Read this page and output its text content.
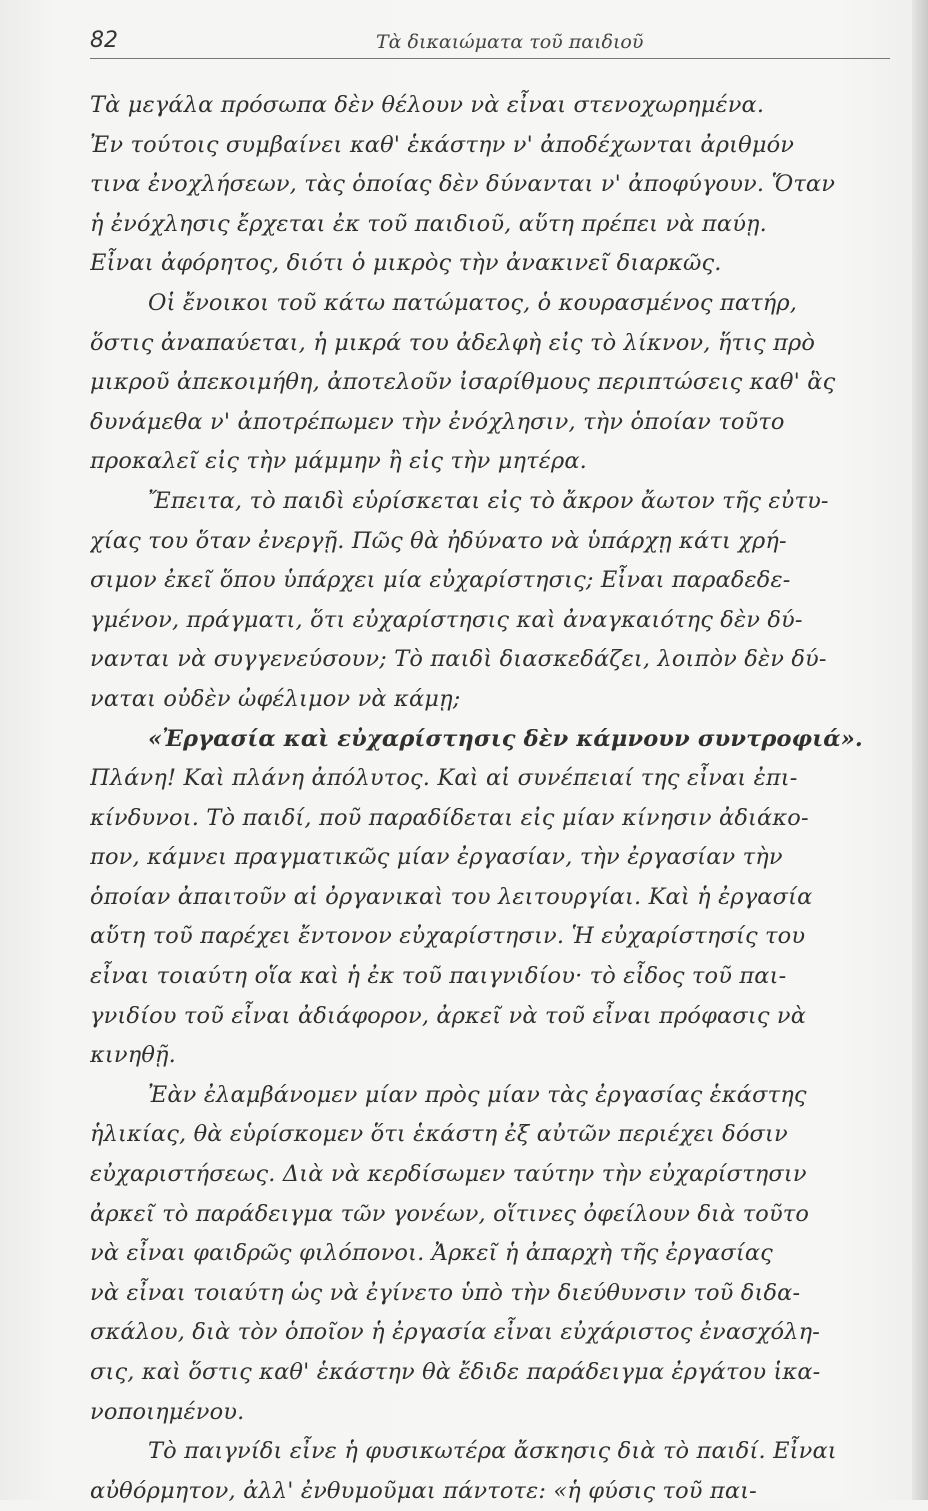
82	Τὰ δικαιώματα τοῦ παιδιοῦ
Τὰ μεγάλα πρόσωπα δὲν θέλουν νὰ εἶναι στενοχωρημένα.
Ἐν τούτοις συμβαίνει καθ' ἑκάστην ν' ἀποδέχωνται ἀριθμόν
τινα ἐνοχλήσεων, τὰς ὁποίας δὲν δύνανται ν' ἀποφύγουν. Ὅταν
ἡ ἐνόχλησις ἔρχεται ἐκ τοῦ παιδιοῦ, αὕτη πρέπει νὰ παύῃ.
Εἶναι ἀφόρητος, διότι ὁ μικρὸς τὴν ἀνακινεῖ διαρκῶς.
Οἱ ἔνοικοι τοῦ κάτω πατώματος, ὁ κουρασμένος πατήρ,
ὅστις ἀναπαύεται, ἡ μικρά του ἀδελφὴ εἰς τὸ λίκνον, ἥτις πρὸ
μικροῦ ἀπεκοιμήθη, ἀποτελοῦν ἰσαρίθμους περιπτώσεις καθ' ἃς
δυνάμεθα ν' ἀποτρέπωμεν τὴν ἐνόχλησιν, τὴν ὁποίαν τοῦτο
προκαλεῖ εἰς τὴν μάμμην ἢ εἰς τὴν μητέρα.
Ἔπειτα, τὸ παιδὶ εὑρίσκεται εἰς τὸ ἄκρον ἄωτον τῆς εὐτυ-
χίας του ὅταν ἐνεργῇ. Πῶς θὰ ἠδύνατο νὰ ὑπάρχῃ κάτι χρή-
σιμον ἐκεῖ ὅπου ὑπάρχει μία εὐχαρίστησις; Εἶναι παραδεδε-
γμένον, πράγματι, ὅτι εὐχαρίστησις καὶ ἀναγκαιότης δὲν δύ-
νανται νὰ συγγενεύσουν; Τὸ παιδὶ διασκεδάζει, λοιπὸν δὲν δύ-
ναται οὐδὲν ὠφέλιμον νὰ κάμῃ;
«Ἐργασία καὶ εὐχαρίστησις δὲν κάμνουν συντροφιά».
Πλάνη! Καὶ πλάνη ἀπόλυτος. Καὶ αἱ συνέπειαί της εἶναι ἐπι-
κίνδυνοι. Τὸ παιδί, ποῦ παραδίδεται εἰς μίαν κίνησιν ἀδιάκο-
πον, κάμνει πραγματικῶς μίαν ἐργασίαν, τὴν ἐργασίαν τὴν
ὁποίαν ἀπαιτοῦν αἱ ὀργανικαὶ του λειτουργίαι. Καὶ ἡ ἐργασία
αὕτη τοῦ παρέχει ἔντονον εὐχαρίστησιν. Ἡ εὐχαρίστησίς του
εἶναι τοιαύτη οἵα καὶ ἡ ἐκ τοῦ παιγνιδίου· τὸ εἶδος τοῦ παι-
γνιδίου τοῦ εἶναι ἀδιάφορον, ἀρκεῖ νὰ τοῦ εἶναι πρόφασις νὰ
κινηθῇ.
Ἐὰν ἐλαμβάνομεν μίαν πρὸς μίαν τὰς ἐργασίας ἑκάστης
ἡλικίας, θὰ εὑρίσκομεν ὅτι ἑκάστη ἐξ αὐτῶν περιέχει δόσιν
εὐχαριστήσεως. Διὰ νὰ κερδίσωμεν ταύτην τὴν εὐχαρίστησιν
ἀρκεῖ τὸ παράδειγμα τῶν γονέων, οἵτινες ὀφείλουν διὰ τοῦτο
νὰ εἶναι φαιδρῶς φιλόπονοι. Ἀρκεῖ ἡ ἀπαρχὴ τῆς ἐργασίας
νὰ εἶναι τοιαύτη ὡς νὰ ἐγίνετο ὑπὸ τὴν διεύθυνσιν τοῦ διδα-
σκάλου, διὰ τὸν ὁποῖον ἡ ἐργασία εἶναι εὐχάριστος ἐνασχόλη-
σις, καὶ ὅστις καθ' ἑκάστην θὰ ἔδιδε παράδειγμα ἐργάτου ἱκα-
νοποιημένου.
Τὸ παιγνίδι εἶνε ἡ φυσικωτέρα ἄσκησις διὰ τὸ παιδί. Εἶναι
αὐθόρμητον, ἀλλ' ἐνθυμοῦμαι πάντοτε: «ἡ φύσις τοῦ παι-
